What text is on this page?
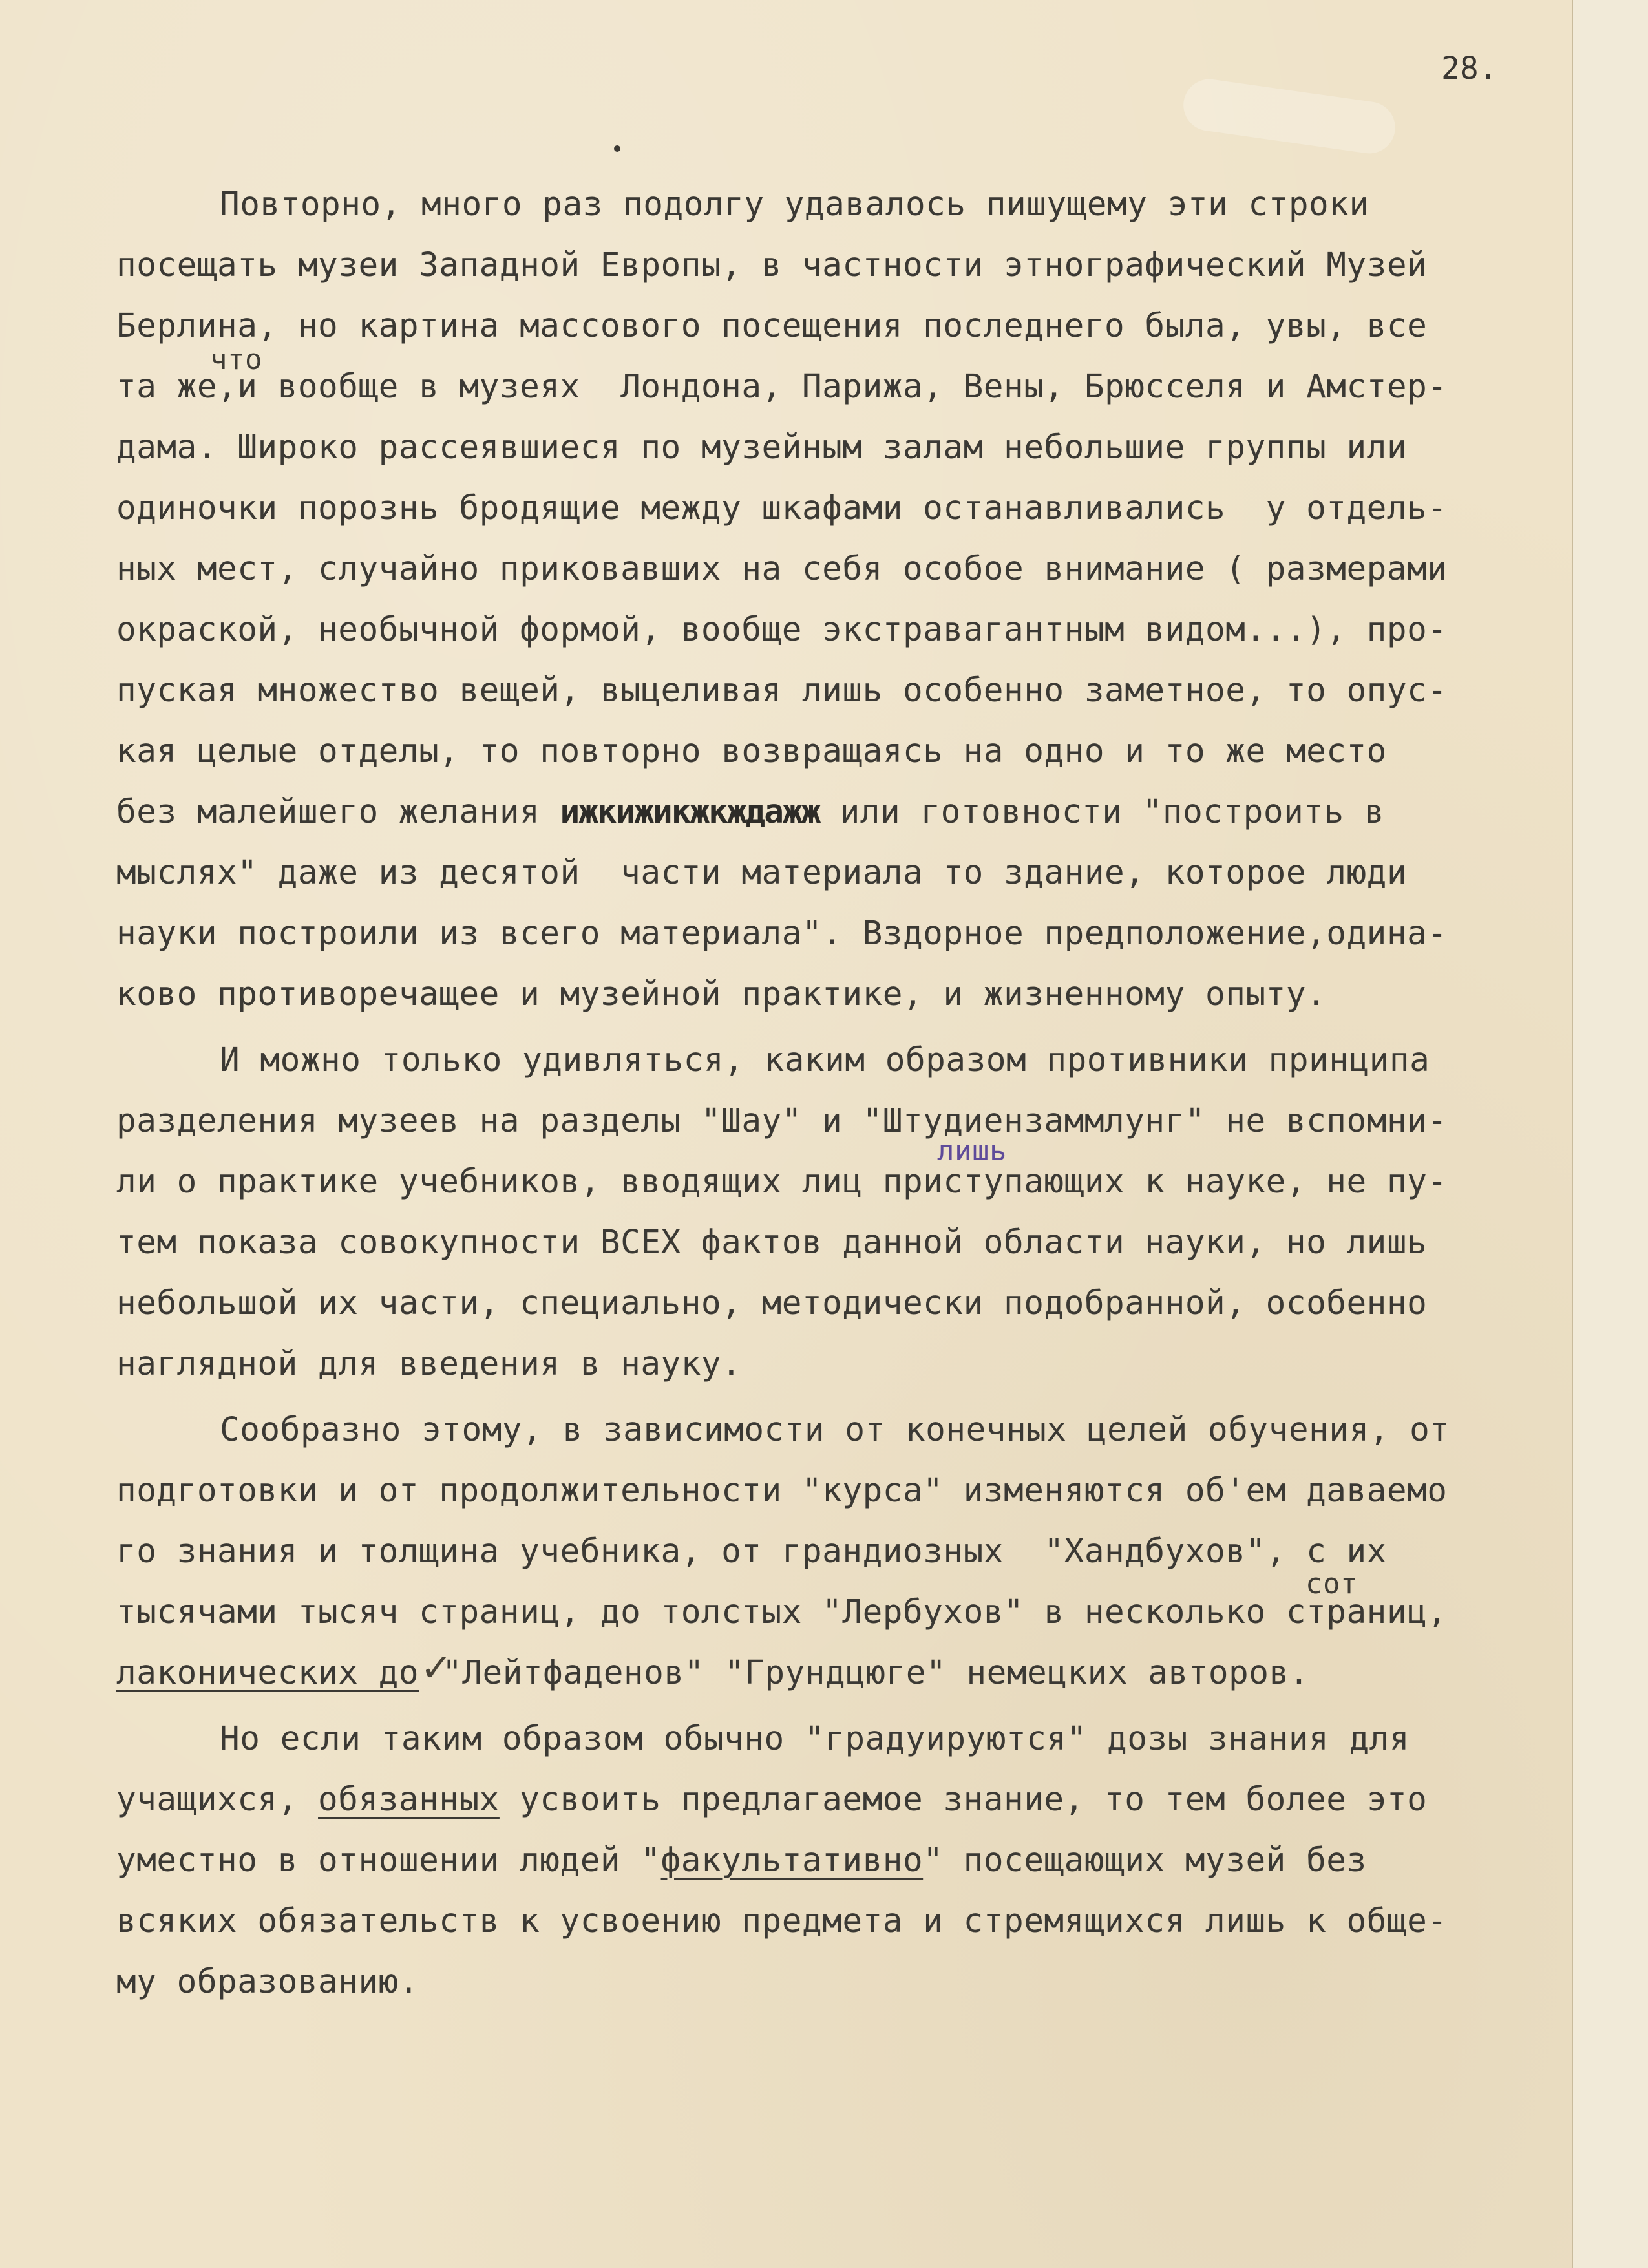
28.
Повторно, много раз подолгу удавалось пишущему эти строки
посещать музеи Западной Европы, в частности этнографический Музей
Берлина, но картина массового посещения последнего была, увы, все
та же,и вообще в музеях  Лондона, Парижа, Вены, Брюсселя и Амстер-
что
дама. Широко рассеявшиеся по музейным залам небольшие группы или
одиночки порознь бродящие между шкафами останавливались  у отдель-
ных мест, случайно приковавших на себя особое внимание ( размерами
окраской, необычной формой, вообще экстравагантным видом...), про-
пуская множество вещей, выцеливая лишь особенно заметное, то опус-
кая целые отделы, то повторно возвращаясь на одно и то же место
без малейшего желания ижкижикжкждажж или готовности "построить в
мыслях" даже из десятой  части материала то здание, которое люди
науки построили из всего материала". Вздорное предположение,одина-
ково противоречащее и музейной практике, и жизненному опыту.
И можно только удивляться, каким образом противники принципа
разделения музеев на разделы "Шау" и "Штудиензаммлунг" не вспомни-
ли о практике учебников, вводящих лиц приступающих к науке, не пу-
лишь
тем показа совокупности ВСЕХ фактов данной области науки, но лишь
небольшой их части, специально, методически подобранной, особенно
наглядной для введения в науку.
Сообразно этому, в зависимости от конечных целей обучения, от
подготовки и от продолжительности "курса" изменяются об'ем даваемо
го знания и толщина учебника, от грандиозных  "Хандбухов", с их
тысячами тысяч страниц, до толстых "Лербухов" в несколько страниц,
сот
лаконических до ✓
"Лейтфаденов" "Грундцюге" немецких авторов.
Но если таким образом обычно "градуируются" дозы знания для
учащихся, обязанных усвоить предлагаемое знание, то тем более это
уместно в отношении людей "факультативно" посещающих музей без
всяких обязательств к усвоению предмета и стремящихся лишь к обще-
му образованию.
